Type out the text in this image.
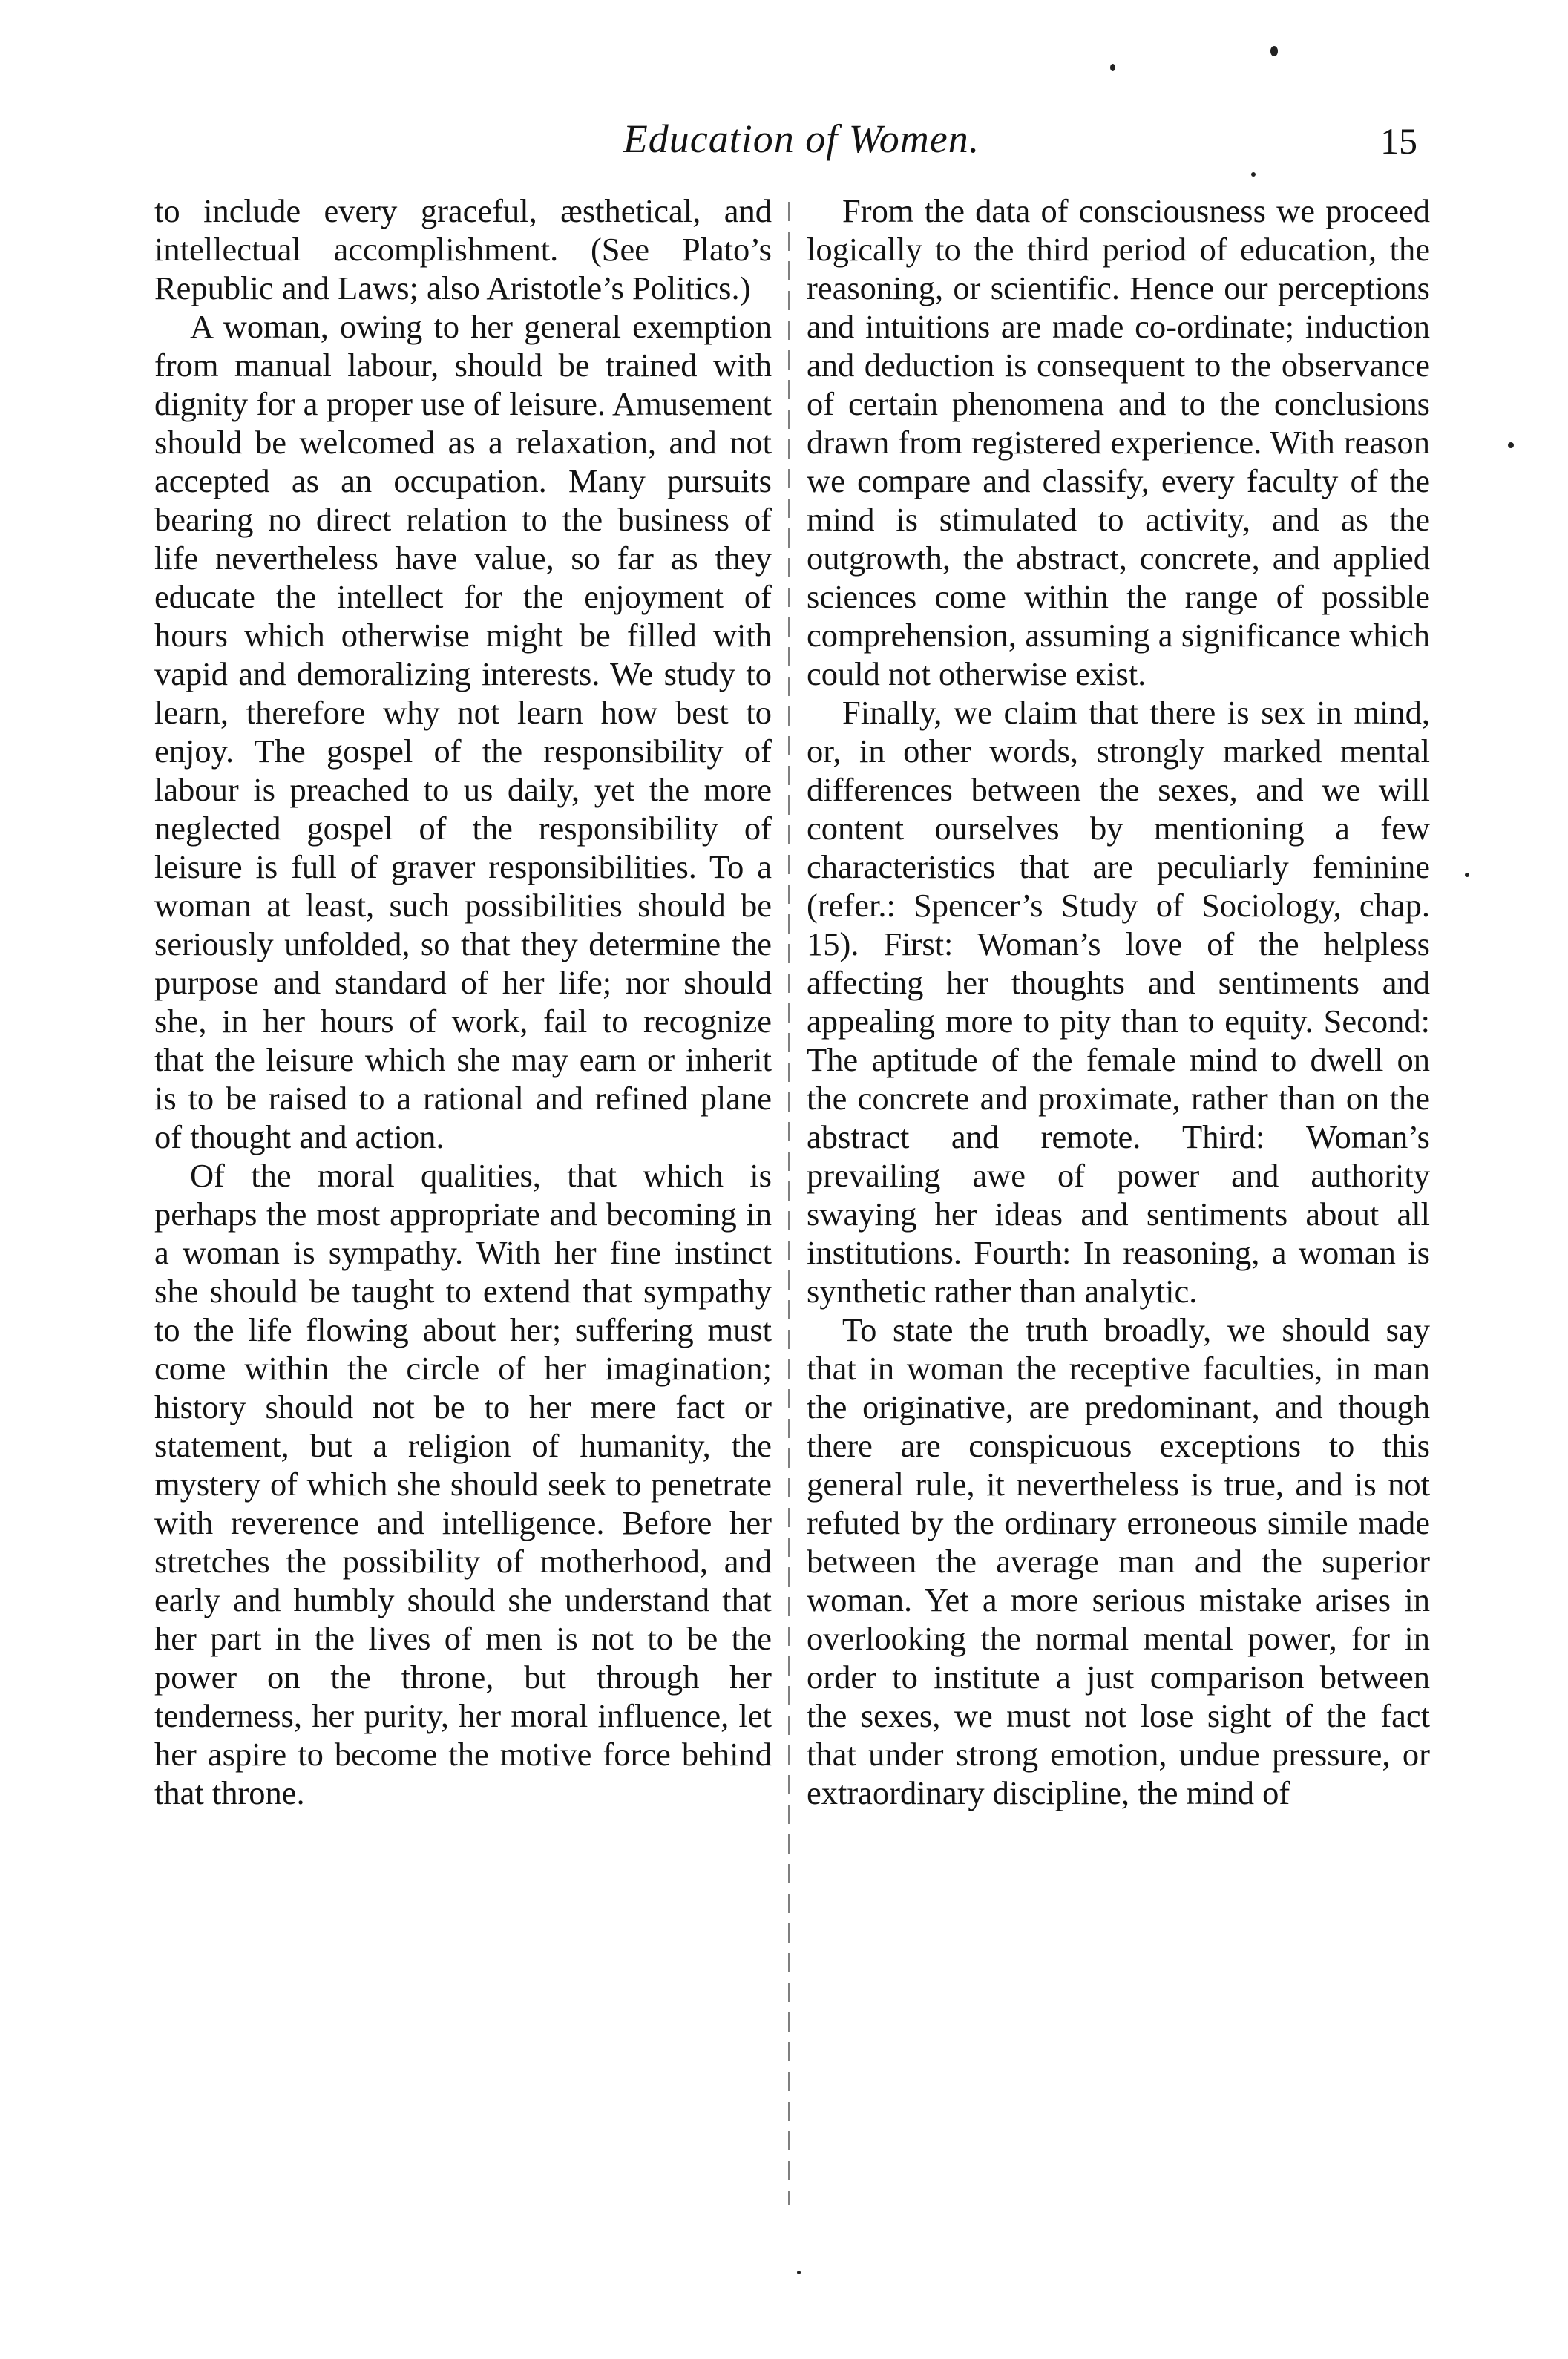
Education of Women.	15

to include every graceful, æsthetical, and intellectual accomplishment. (See Plato’s Republic and Laws; also Aristotle’s Politics.)

A woman, owing to her general exemption from manual labour, should be trained with dignity for a proper use of leisure. Amusement should be welcomed as a relaxation, and not accepted as an occupation. Many pursuits bearing no direct relation to the business of life nevertheless have value, so far as they educate the intellect for the enjoyment of hours which otherwise might be filled with vapid and demoralizing interests. We study to learn, therefore why not learn how best to enjoy. The gospel of the responsibility of labour is preached to us daily, yet the more neglected gospel of the responsibility of leisure is full of graver responsibilities. To a woman at least, such possibilities should be seriously unfolded, so that they determine the purpose and standard of her life; nor should she, in her hours of work, fail to recognize that the leisure which she may earn or inherit is to be raised to a rational and refined plane of thought and action.

Of the moral qualities, that which is perhaps the most appropriate and becoming in a woman is sympathy. With her fine instinct she should be taught to extend that sympathy to the life flowing about her; suffering must come within the circle of her imagination; history should not be to her mere fact or statement, but a religion of humanity, the mystery of which she should seek to penetrate with reverence and intelligence. Before her stretches the possibility of motherhood, and early and humbly should she understand that her part in the lives of men is not to be the power on the throne, but through her tenderness, her purity, her moral influence, let her aspire to become the motive force behind that throne.

From the data of consciousness we proceed logically to the third period of education, the reasoning, or scientific. Hence our perceptions and intuitions are made co-ordinate; induction and deduction is consequent to the observance of certain phenomena and to the conclusions drawn from registered experience. With reason we compare and classify, every faculty of the mind is stimulated to activity, and as the outgrowth, the abstract, concrete, and applied sciences come within the range of possible comprehension, assuming a significance which could not otherwise exist.

Finally, we claim that there is sex in mind, or, in other words, strongly marked mental differences between the sexes, and we will content ourselves by mentioning a few characteristics that are peculiarly feminine (refer.: Spencer’s Study of Sociology, chap. 15). First: Woman’s love of the helpless affecting her thoughts and sentiments and appealing more to pity than to equity. Second: The aptitude of the female mind to dwell on the concrete and proximate, rather than on the abstract and remote. Third: Woman’s prevailing awe of power and authority swaying her ideas and sentiments about all institutions. Fourth: In reasoning, a woman is synthetic rather than analytic.

To state the truth broadly, we should say that in woman the receptive faculties, in man the originative, are predominant, and though there are conspicuous exceptions to this general rule, it nevertheless is true, and is not refuted by the ordinary erroneous simile made between the average man and the superior woman. Yet a more serious mistake arises in overlooking the normal mental power, for in order to institute a just comparison between the sexes, we must not lose sight of the fact that under strong emotion, undue pressure, or extraordinary discipline, the mind of
